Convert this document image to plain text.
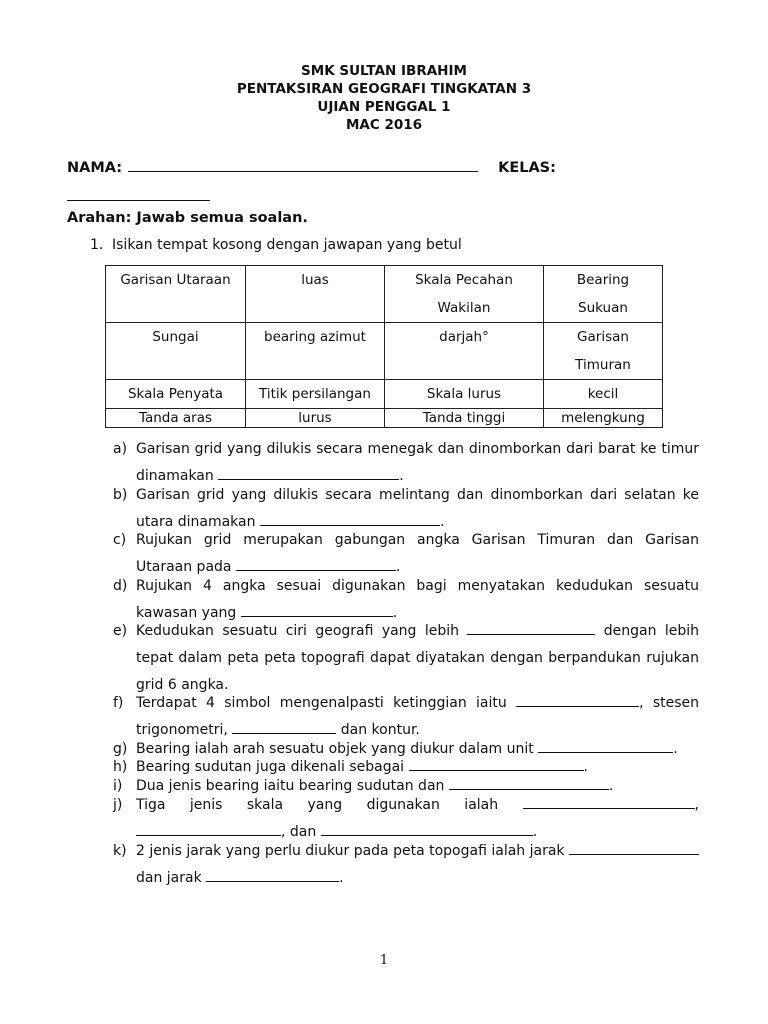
SMK SULTAN IBRAHIM
PENTAKSIRAN GEOGRAFI TINGKATAN 3
UJIAN PENGGAL 1
MAC 2016
NAMA:	KELAS:
Arahan: Jawab semua soalan.
1. Isikan tempat kosong dengan jawapan yang betul
Garisan Utaraan	luas	Skala Pecahan Wakilan	Bearing Sukuan
Sungai	bearing azimut	darjah°	Garisan Timuran
Skala Penyata	Titik persilangan	Skala lurus	kecil
Tanda aras	lurus	Tanda tinggi	melengkung
a) Garisan grid yang dilukis secara menegak dan dinomborkan dari barat ke timur dinamakan	.
b) Garisan grid yang dilukis secara melintang dan dinomborkan dari selatan ke utara dinamakan	.
c) Rujukan grid merupakan gabungan angka Garisan Timuran dan Garisan Utaraan pada	.
d) Rujukan 4 angka sesuai digunakan bagi menyatakan kedudukan sesuatu kawasan yang	.
e) Kedudukan sesuatu ciri geografi yang lebih	dengan lebih tepat dalam peta peta topografi dapat diyatakan dengan berpandukan rujukan grid 6 angka.
f) Terdapat 4 simbol mengenalpasti ketinggian iaitu	, stesen trigonometri,	dan kontur.
g) Bearing ialah arah sesuatu objek yang diukur dalam unit	.
h) Bearing sudutan juga dikenali sebagai	.
i) Dua jenis bearing iaitu bearing sudutan dan	.
j) Tiga jenis skala yang digunakan ialah	, , dan	.
k) 2 jenis jarak yang perlu diukur pada peta topogafi ialah jarak  dan jarak	.
1
